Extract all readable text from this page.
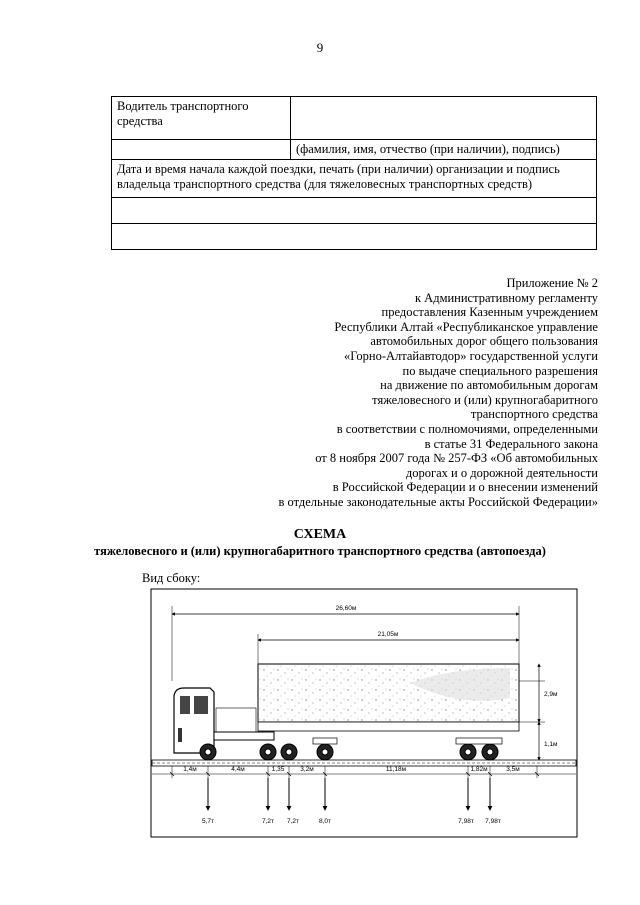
9
Водитель транспортного средства	
	(фамилия, имя, отчество (при наличии), подпись)
Дата и время начала каждой поездки, печать (при наличии) организации и подпись владельца транспортного средства (для тяжеловесных транспортных средств)	

Приложение № 2
к Административному регламенту
предоставления Казенным учреждением
Республики Алтай «Республиканское управление
автомобильных дорог общего пользования
«Горно-Алтайавтодор» государственной услуги
по выдаче специального разрешения
на движение по автомобильным дорогам
тяжеловесного и (или) крупногабаритного
транспортного средства
в соответствии с полномочиями, определенными
в статье 31 Федерального закона
от 8 ноября 2007 года № 257-ФЗ «Об автомобильных
дорогах и о дорожной деятельности
в Российской Федерации и о внесении изменений
в отдельные законодательные акты Российской Федерации»
СХЕМА
тяжеловесного и (или) крупногабаритного транспортного средства (автопоезда)
Вид сбоку:
26,60м
21,05м
2,9м
1,1м
1,4м	4,4м	1,35 3,2м	11,18м	1,82м	3,5м
5,7т	7,2т 7,2т	8,0т	7,98т 7,98т
